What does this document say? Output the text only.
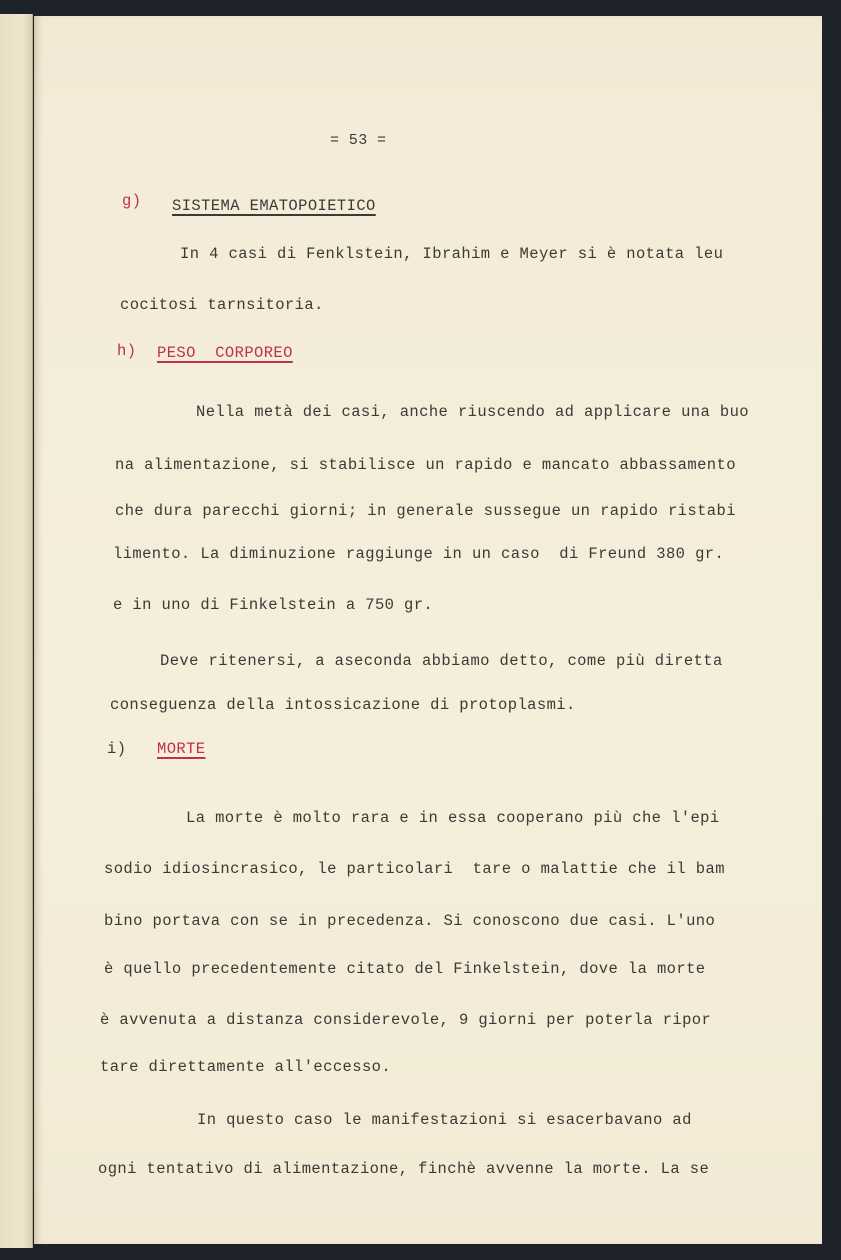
= 53 =
g) SISTEMA EMATOPOIETICO
In 4 casi di Fenklstein, Ibrahim e Meyer si è notata leu
cocitosi tarnsitoria.
h) PESO  CORPOREO
Nella metà dei casi, anche riuscendo ad applicare una buo
na alimentazione, si stabilisce un rapido e mancato abbassamento
che dura parecchi giorni; in generale sussegue un rapido ristabi
limento. La diminuzione raggiunge in un caso  di Freund 380 gr.
e in uno di Finkelstein a 750 gr.
Deve ritenersi, a aseconda abbiamo detto, come più diretta
conseguenza della intossicazione di protoplasmi.
i) MORTE
La morte è molto rara e in essa cooperano più che l'epi
sodio idiosincrasico, le particolari  tare o malattie che il bam
bino portava con se in precedenza. Si conoscono due casi. L'uno
è quello precedentemente citato del Finkelstein, dove la morte
è avvenuta a distanza considerevole, 9 giorni per poterla ripor
tare direttamente all'eccesso.
In questo caso le manifestazioni si esacerbavano ad
ogni tentativo di alimentazione, finchè avvenne la morte. La se
